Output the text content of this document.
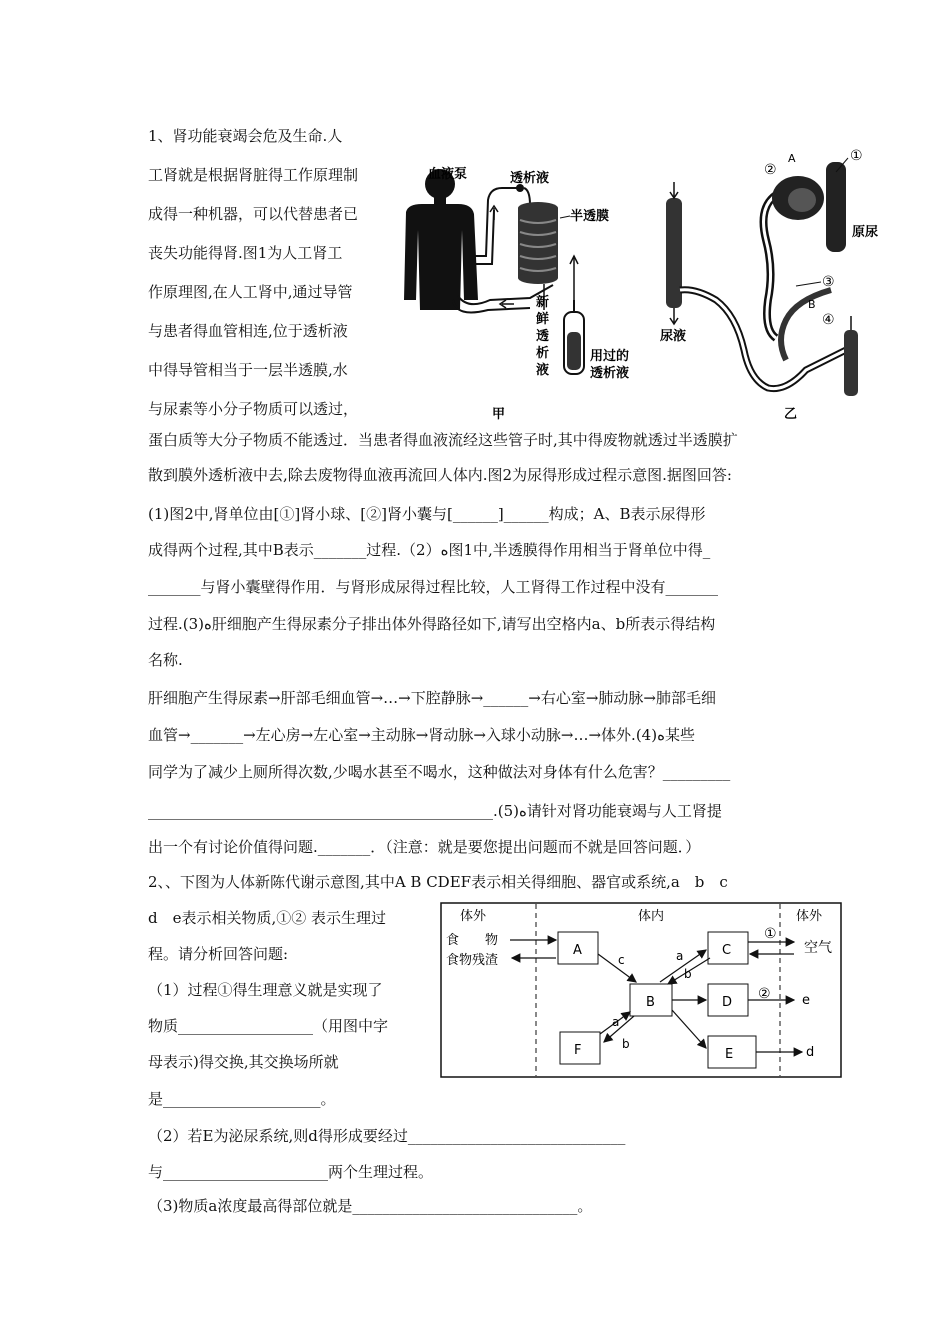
1、肾功能衰竭会危及生命.人
工肾就是根据肾脏得工作原理制
成得一种机器，可以代替患者已
丧失功能得肾.图1为人工肾工
作原理图,在人工肾中,通过导管
与患者得血管相连,位于透析液
中得导管相当于一层半透膜,水
与尿素等小分子物质可以透过，
血液泵	透析液
半透膜
新
鲜
透
析
液
用过的
透析液
甲
尿液
②
A	①
原尿
③
B
④
乙
蛋白质等大分子物质不能透过．当患者得血液流经这些管子时,其中得废物就透过半透膜扩
散到膜外透析液中去,除去废物得血液再流回人体内.图2为尿得形成过程示意图.据图回答:
(1)图2中,肾单位由[①]肾小球、[②]肾小囊与[______]______构成；A、B表示尿得形
成得两个过程,其中B表示_______过程.（2）ه图1中,半透膜得作用相当于肾单位中得_
_______与肾小囊壁得作用．与肾形成尿得过程比较，人工肾得工作过程中没有_______
过程.(3)ه肝细胞产生得尿素分子排出体外得路径如下,请写出空格内a、b所表示得结构
名称.
肝细胞产生得尿素→肝部毛细血管→…→下腔静脉→______→右心室→肺动脉→肺部毛细
血管→_______→左心房→左心室→主动脉→肾动脉→入球小动脉→…→体外.(4)ه某些
同学为了减少上厕所得次数,少喝水甚至不喝水，这种做法对身体有什么危害？_________
______________________________________________.(5)ه请针对肾功能衰竭与人工肾提
出一个有讨论价值得问题._______．（注意：就是要您提出问题而不就是回答问题．）
2、、下图为人体新陈代谢示意图,其中A B CDEF表示相关得细胞、器官或系统,a　b　c
d　e表示相关物质,①② 表示生理过
程。请分析回答问题:
（1）过程①得生理意义就是实现了
物质__________________（用图中字
母表示)得交换,其交换场所就
是_____________________。
（2）若E为泌尿系统,则d得形成要经过_____________________________
与______________________两个生理过程。
（3)物质a浓度最高得部位就是______________________________。
体外	体内	体外
食　　物
食物残渣
A
B
C
D
E
F
c	a
b
a
b
d
e
①
②
空气
